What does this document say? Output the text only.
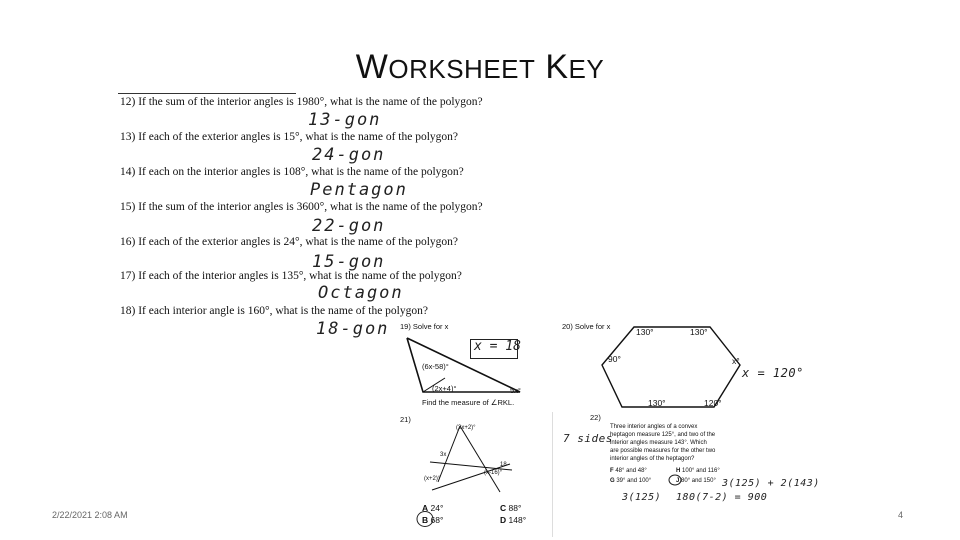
WORKSHEET KEY
12) If the sum of the interior angles is 1980°, what is the name of the polygon?
13-gon
13) If each of the exterior angles is 15°, what is the name of the polygon?
24-gon
14) If each on the interior angles is 108°, what is the name of the polygon?
Pentagon
15) If the sum of the interior angles is 3600°, what is the name of the polygon?
22-gon
16) If each of the exterior angles is 24°, what is the name of the polygon?
15-gon
17) If each of the interior angles is 135°, what is the name of the polygon?
Octagon
18) If each interior angle is 160°, what is the name of the polygon?
18-gon 19) Solve for x
x = 18
(6x-58)°
(2x+4)°	5x°
Find the measure of ∠RKL.
20) Solve for x
130°	130°
90°	x°
130°	120°
x = 120°
21)
(3x+2)°
3x
(x+2)°
(x-16)°
18
A 24°
B 68°
C 88°
D 148°
22)
7 sides
Three interior angles of a convex
heptagon measure 125°, and two of the
interior angles measure 143°. Which
are possible measures for the other two
interior angles of the heptagon?
F 48° and 48°	H 100° and 116°
G 39° and 100°	J 80° and 150° 3(125) + 2(143)
3(125) 180(7-2) = 900
2/22/2021 2:08 AM	4
